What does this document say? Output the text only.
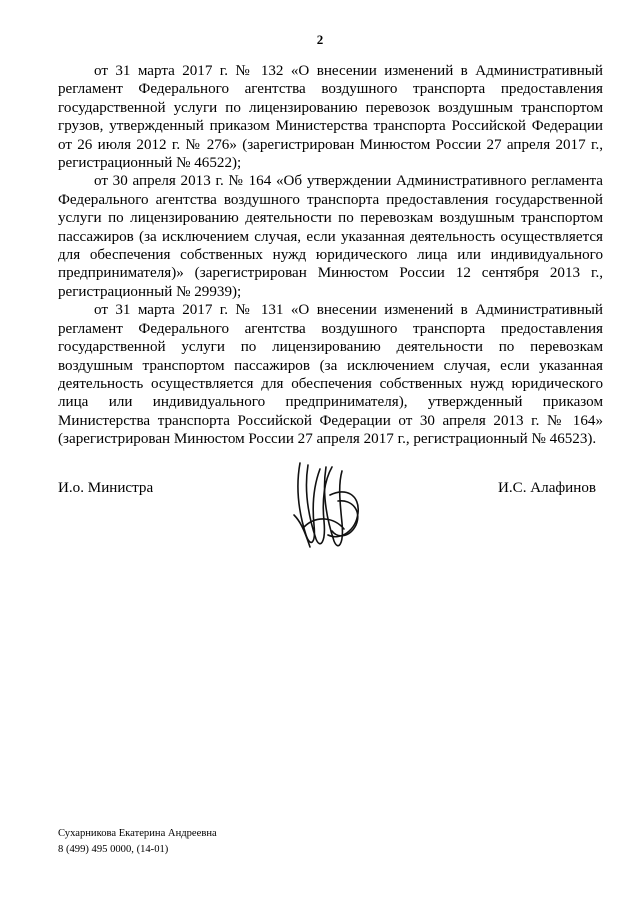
2

от 31 марта 2017 г. № 132 «О внесении изменений в Административный регламент Федерального агентства воздушного транспорта предоставления государственной услуги по лицензированию перевозок воздушным транспортом грузов, утвержденный приказом Министерства транспорта Российской Федерации от 26 июля 2012 г. № 276» (зарегистрирован Минюстом России 27 апреля 2017 г., регистрационный № 46522);

от 30 апреля 2013 г. № 164 «Об утверждении Административного регламента Федерального агентства воздушного транспорта предоставления государственной услуги по лицензированию деятельности по перевозкам воздушным транспортом пассажиров (за исключением случая, если указанная деятельность осуществляется для обеспечения собственных нужд юридического лица или индивидуального предпринимателя)» (зарегистрирован Минюстом России 12 сентября 2013 г., регистрационный № 29939);

от 31 марта 2017 г. № 131 «О внесении изменений в Административный регламент Федерального агентства воздушного транспорта предоставления государственной услуги по лицензированию деятельности по перевозкам воздушным транспортом пассажиров (за исключением случая, если указанная деятельность осуществляется для обеспечения собственных нужд юридического лица или индивидуального предпринимателя), утвержденный приказом Министерства транспорта Российской Федерации от 30 апреля 2013 г. № 164» (зарегистрирован Минюстом России 27 апреля 2017 г., регистрационный № 46523).

И.о. Министра	И.С. Алафинов
Сухарникова Екатерина Андреевна
8 (499) 495 0000, (14-01)
